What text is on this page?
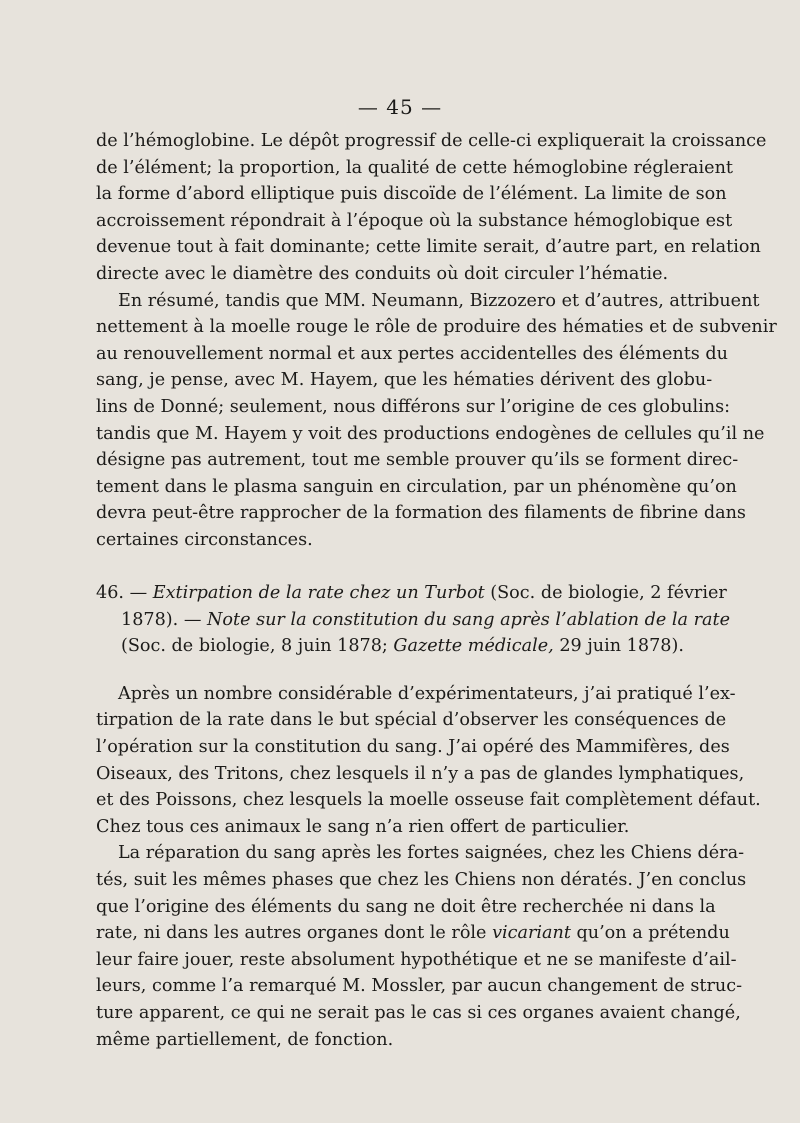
— 45 —
de l’hémoglobine. Le dépôt progressif de celle-ci expliquerait la croissance
de l’élément; la proportion, la qualité de cette hémoglobine régleraient
la forme d’abord elliptique puis discoïde de l’élément. La limite de son
accroissement répondrait à l’époque où la substance hémoglobique est
devenue tout à fait dominante; cette limite serait, d’autre part, en relation
directe avec le diamètre des conduits où doit circuler l’hématie.
En résumé, tandis que MM. Neumann, Bizzozero et d’autres, attribuent
nettement à la moelle rouge le rôle de produire des hématies et de subvenir
au renouvellement normal et aux pertes accidentelles des éléments du
sang, je pense, avec M. Hayem, que les hématies dérivent des globu-
lins de Donné; seulement, nous différons sur l’origine de ces globulins:
tandis que M. Hayem y voit des productions endogènes de cellules qu’il ne
désigne pas autrement, tout me semble prouver qu’ils se forment direc-
tement dans le plasma sanguin en circulation, par un phénomène qu’on
devra peut-être rapprocher de la formation des filaments de fibrine dans
certaines circonstances.
46. — Extirpation de la rate chez un Turbot (Soc. de biologie, 2 février
1878). — Note sur la constitution du sang après l’ablation de la rate
(Soc. de biologie, 8 juin 1878; Gazette médicale, 29 juin 1878).
Après un nombre considérable d’expérimentateurs, j’ai pratiqué l’ex-
tirpation de la rate dans le but spécial d’observer les conséquences de
l’opération sur la constitution du sang. J’ai opéré des Mammifères, des
Oiseaux, des Tritons, chez lesquels il n’y a pas de glandes lymphatiques,
et des Poissons, chez lesquels la moelle osseuse fait complètement défaut.
Chez tous ces animaux le sang n’a rien offert de particulier.
La réparation du sang après les fortes saignées, chez les Chiens déra-
tés, suit les mêmes phases que chez les Chiens non dératés. J’en conclus
que l’origine des éléments du sang ne doit être recherchée ni dans la
rate, ni dans les autres organes dont le rôle vicariant qu’on a prétendu
leur faire jouer, reste absolument hypothétique et ne se manifeste d’ail-
leurs, comme l’a remarqué M. Mossler, par aucun changement de struc-
ture apparent, ce qui ne serait pas le cas si ces organes avaient changé,
même partiellement, de fonction.
